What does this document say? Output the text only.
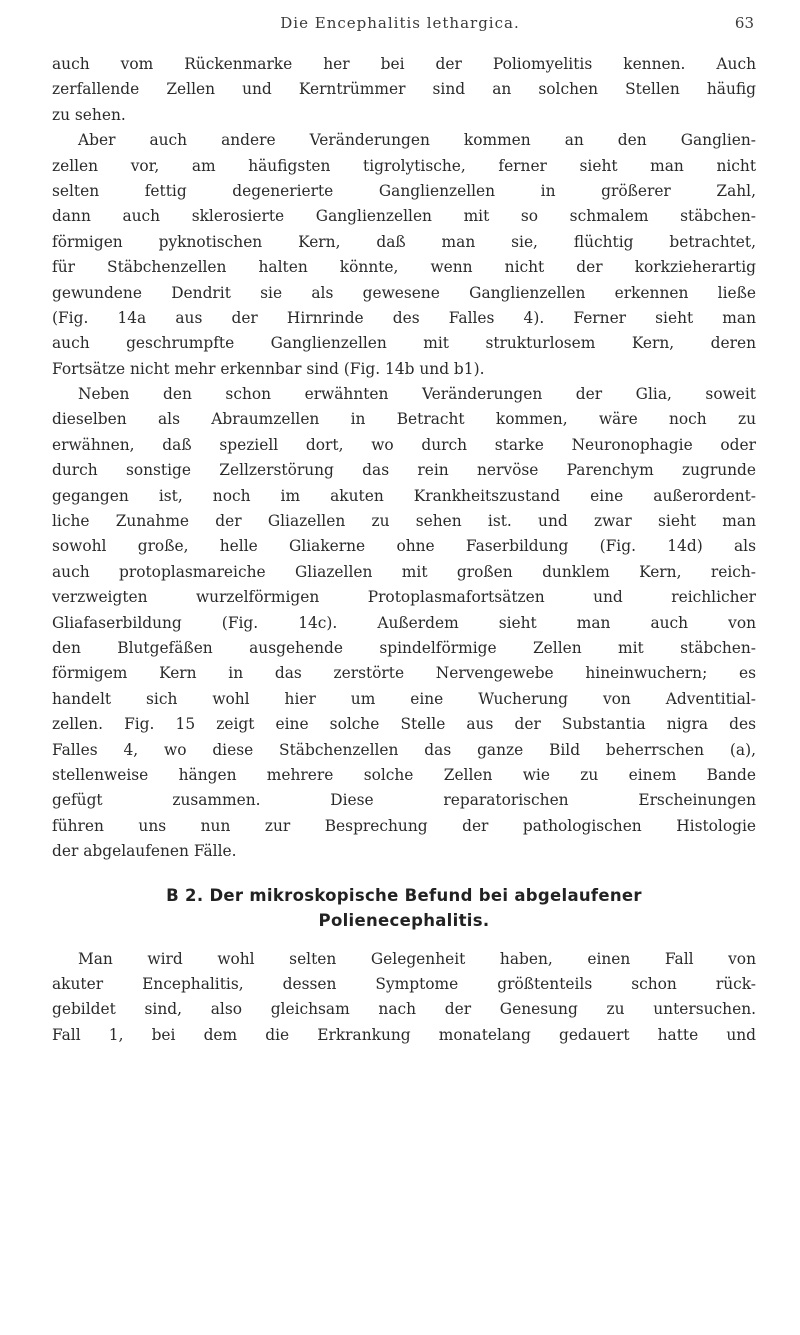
Die Encephalitis lethargica.	63
auch vom Rückenmarke her bei der Poliomyelitis kennen. Auch
zerfallende Zellen und Kerntrümmer sind an solchen Stellen häufig
zu sehen.
Aber auch andere Veränderungen kommen an den Ganglien-
zellen vor, am häufigsten tigrolytische, ferner sieht man nicht
selten fettig degenerierte Ganglienzellen in größerer Zahl,
dann auch sklerosierte Ganglienzellen mit so schmalem stäbchen-
förmigen pyknotischen Kern, daß man sie, flüchtig betrachtet,
für Stäbchenzellen halten könnte, wenn nicht der korkzieherartig
gewundene Dendrit sie als gewesene Ganglienzellen erkennen ließe
(Fig. 14a aus der Hirnrinde des Falles 4). Ferner sieht man
auch geschrumpfte Ganglienzellen mit strukturlosem Kern, deren
Fortsätze nicht mehr erkennbar sind (Fig. 14b und b1).
Neben den schon erwähnten Veränderungen der Glia, soweit
dieselben als Abraumzellen in Betracht kommen, wäre noch zu
erwähnen, daß speziell dort, wo durch starke Neuronophagie oder
durch sonstige Zellzerstörung das rein nervöse Parenchym zugrunde
gegangen ist, noch im akuten Krankheitszustand eine außerordent-
liche Zunahme der Gliazellen zu sehen ist. und zwar sieht man
sowohl große, helle Gliakerne ohne Faserbildung (Fig. 14d) als
auch protoplasmareiche Gliazellen mit großen dunklem Kern, reich-
verzweigten wurzelförmigen Protoplasmafortsätzen und reichlicher
Gliafaserbildung (Fig. 14c). Außerdem sieht man auch von
den Blutgefäßen ausgehende spindelförmige Zellen mit stäbchen-
förmigem Kern in das zerstörte Nervengewebe hineinwuchern; es
handelt sich wohl hier um eine Wucherung von Adventitial-
zellen. Fig. 15 zeigt eine solche Stelle aus der Substantia nigra des
Falles 4, wo diese Stäbchenzellen das ganze Bild beherrschen (a),
stellenweise hängen mehrere solche Zellen wie zu einem Bande
gefügt zusammen. Diese reparatorischen Erscheinungen
führen uns nun zur Besprechung der pathologischen Histologie
der abgelaufenen Fälle.
B 2. Der mikroskopische Befund bei abgelaufener
Polienecephalitis.
Man wird wohl selten Gelegenheit haben, einen Fall von
akuter Encephalitis, dessen Symptome größtenteils schon rück-
gebildet sind, also gleichsam nach der Genesung zu untersuchen.
Fall 1, bei dem die Erkrankung monatelang gedauert hatte und
